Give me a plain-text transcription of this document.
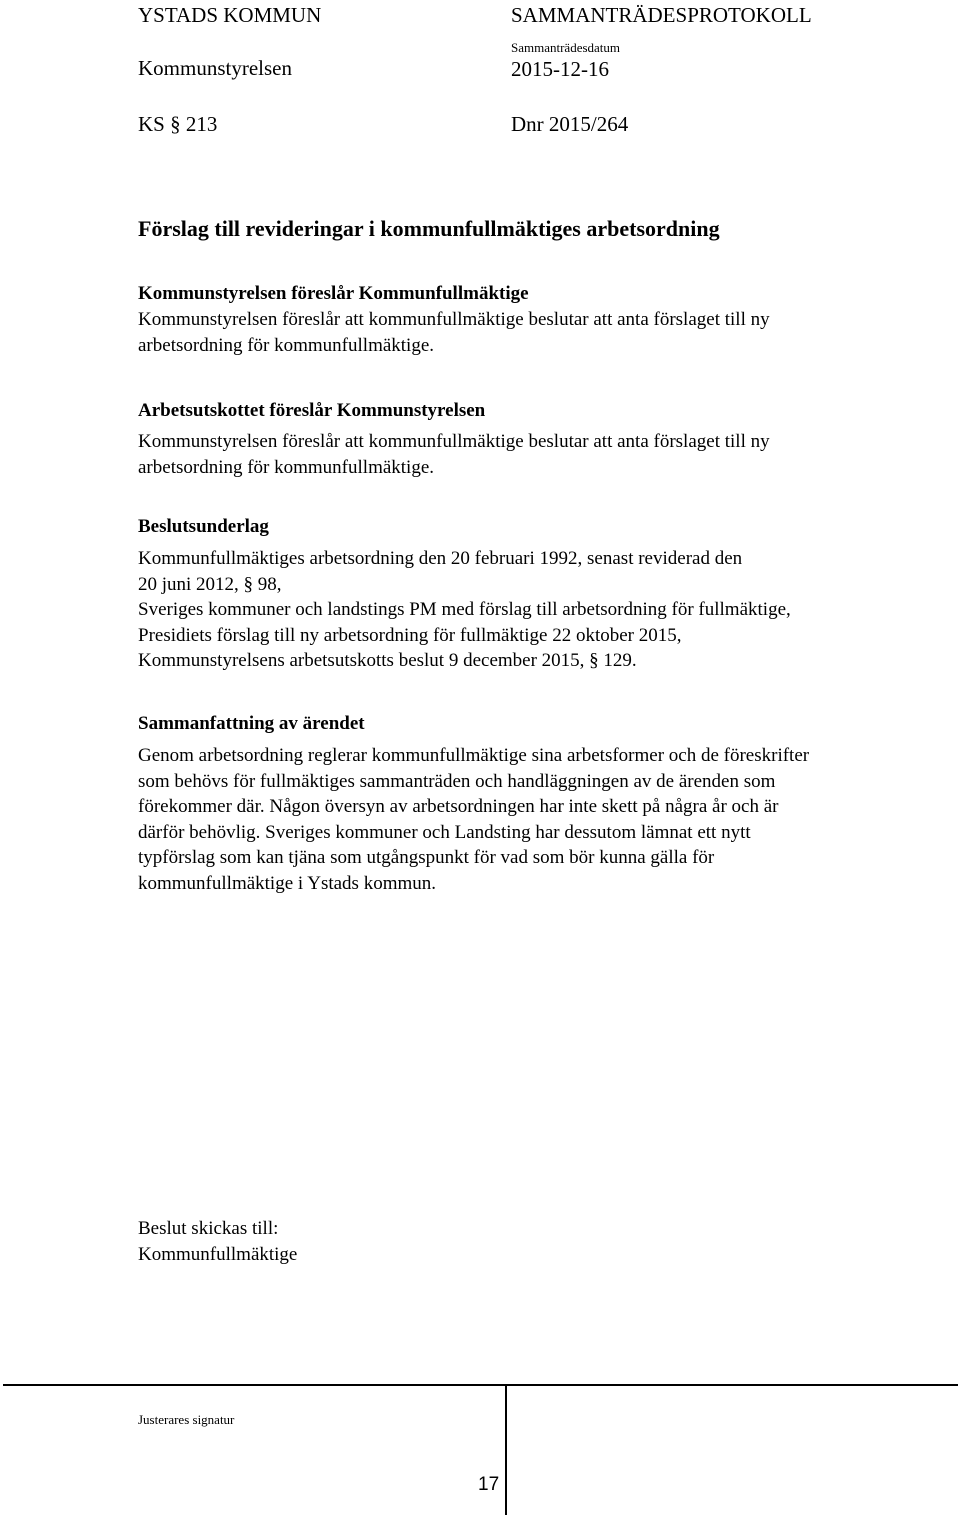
YSTADS KOMMUN	SAMMANTRÄDESPROTOKOLL
Kommunstyrelsen
Sammanträdesdatum
2015-12-16
KS § 213	Dnr 2015/264
Förslag till revideringar i kommunfullmäktiges arbetsordning
Kommunstyrelsen föreslår Kommunfullmäktige
Kommunstyrelsen föreslår att kommunfullmäktige beslutar att anta förslaget till ny
arbetsordning för kommunfullmäktige.
Arbetsutskottet föreslår Kommunstyrelsen
Kommunstyrelsen föreslår att kommunfullmäktige beslutar att anta förslaget till ny
arbetsordning för kommunfullmäktige.
Beslutsunderlag
Kommunfullmäktiges arbetsordning den 20 februari 1992, senast reviderad den
20 juni 2012, § 98,
Sveriges kommuner och landstings PM med förslag till arbetsordning för fullmäktige,
Presidiets förslag till ny arbetsordning för fullmäktige 22 oktober 2015,
Kommunstyrelsens arbetsutskotts beslut 9 december 2015, § 129.
Sammanfattning av ärendet
Genom arbetsordning reglerar kommunfullmäktige sina arbetsformer och de föreskrifter
som behövs för fullmäktiges sammanträden och handläggningen av de ärenden som
förekommer där. Någon översyn av arbetsordningen har inte skett på några år och är
därför behövlig. Sveriges kommuner och Landsting har dessutom lämnat ett nytt
typförslag som kan tjäna som utgångspunkt för vad som bör kunna gälla för
kommunfullmäktige i Ystads kommun.
Beslut skickas till:
Kommunfullmäktige
Justerares signatur
17
